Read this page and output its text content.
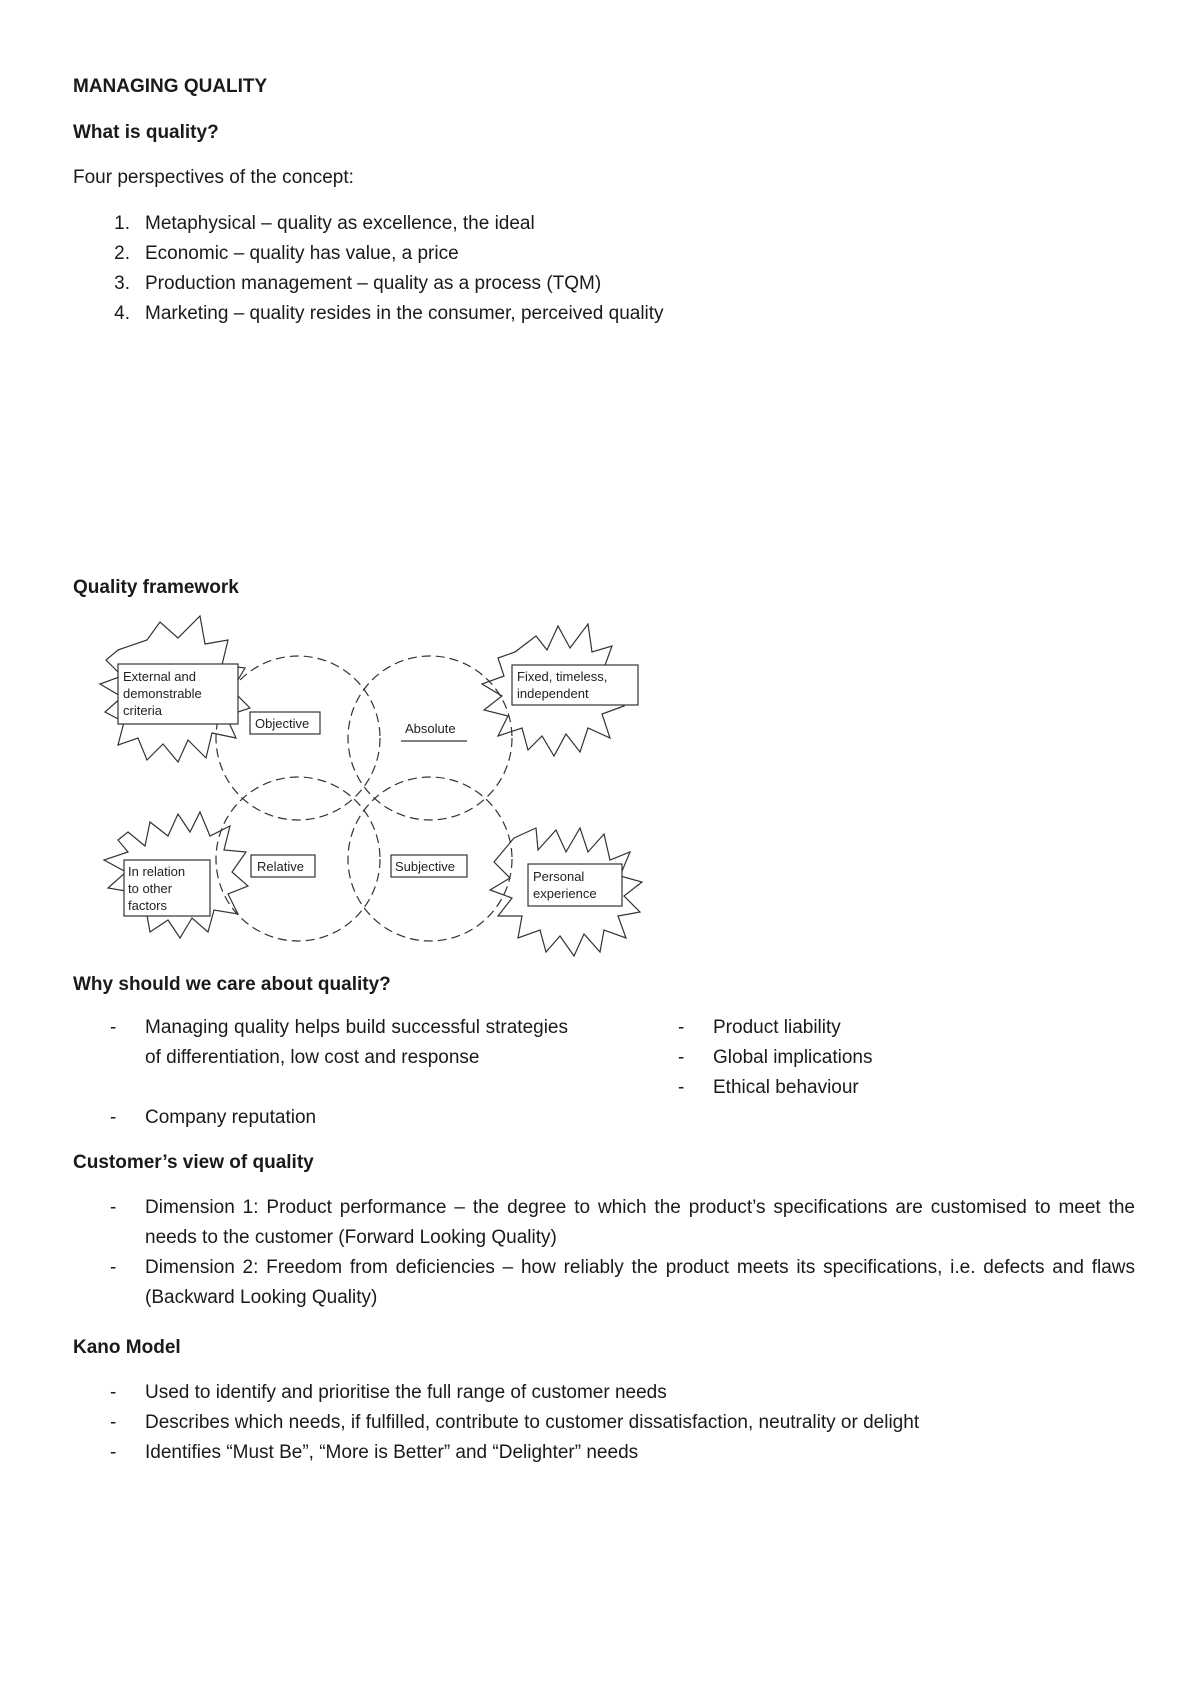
MANAGING QUALITY
What is quality?
Four perspectives of the concept:
1. Metaphysical – quality as excellence, the ideal
2. Economic – quality has value, a price
3. Production management – quality as a process (TQM)
4. Marketing – quality resides in the consumer, perceived quality
Quality framework
External and
demonstrable
criteria
Fixed, timeless,
independent
In relation
to other
factors
Personal
experience
Objective	Absolute
Relative	Subjective
Why should we care about quality?
- Managing quality helps build successful strategies of differentiation, low cost and response
- Company reputation
- Product liability
- Global implications
- Ethical behaviour
Customer’s view of quality
- Dimension 1: Product performance – the degree to which the product’s specifications are customised to meet the needs to the customer (Forward Looking Quality)
- Dimension 2: Freedom from deficiencies – how reliably the product meets its specifications, i.e. defects and flaws (Backward Looking Quality)
Kano Model
- Used to identify and prioritise the full range of customer needs
- Describes which needs, if fulfilled, contribute to customer dissatisfaction, neutrality or delight
- Identifies “Must Be”, “More is Better” and “Delighter” needs
